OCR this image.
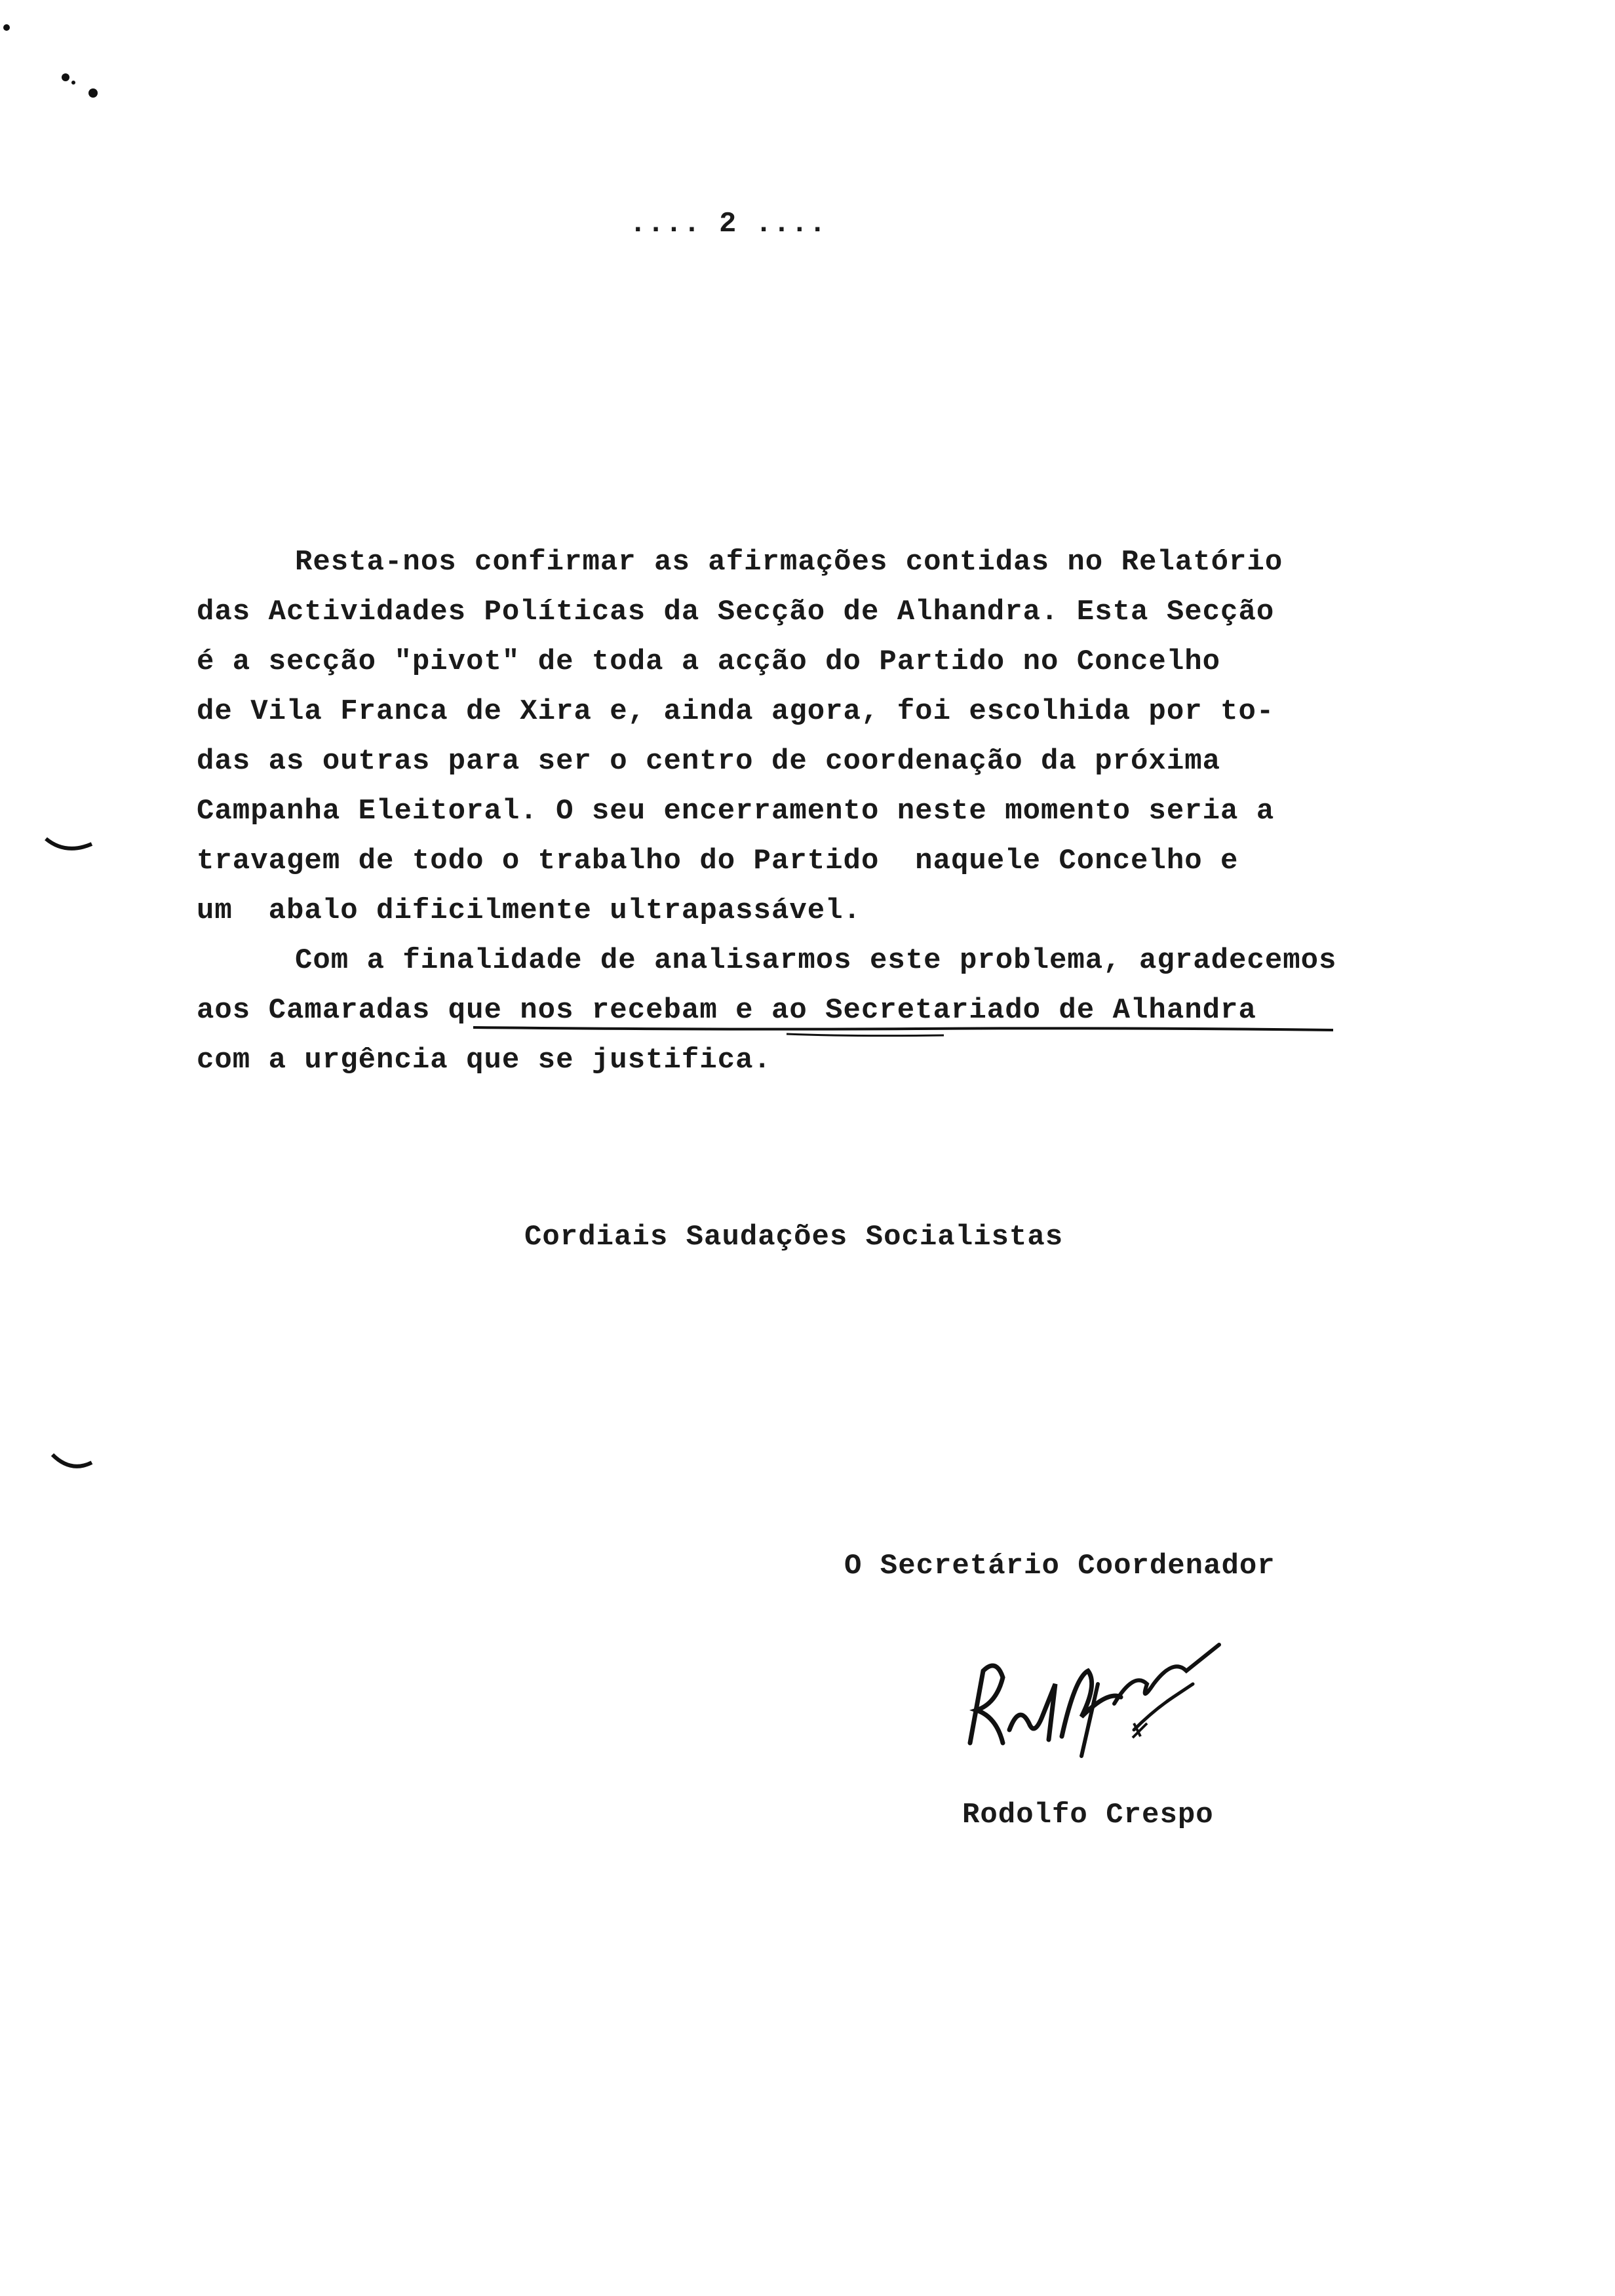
.... 2 ....
Resta-nos confirmar as afirmações contidas no Relatório
das Actividades Políticas da Secção de Alhandra. Esta Secção
é a secção "pivot" de toda a acção do Partido no Concelho
de Vila Franca de Xira e, ainda agora, foi escolhida por to-
das as outras para ser o centro de coordenação da próxima
Campanha Eleitoral. O seu encerramento neste momento seria a
travagem de todo o trabalho do Partido  naquele Concelho e
um  abalo dificilmente ultrapassável.
Com a finalidade de analisarmos este problema, agradecemos
aos Camaradas que nos recebam e ao Secretariado de Alhandra
com a urgência que se justifica.
Cordiais Saudações Socialistas
O Secretário Coordenador
Rodolfo Crespo
